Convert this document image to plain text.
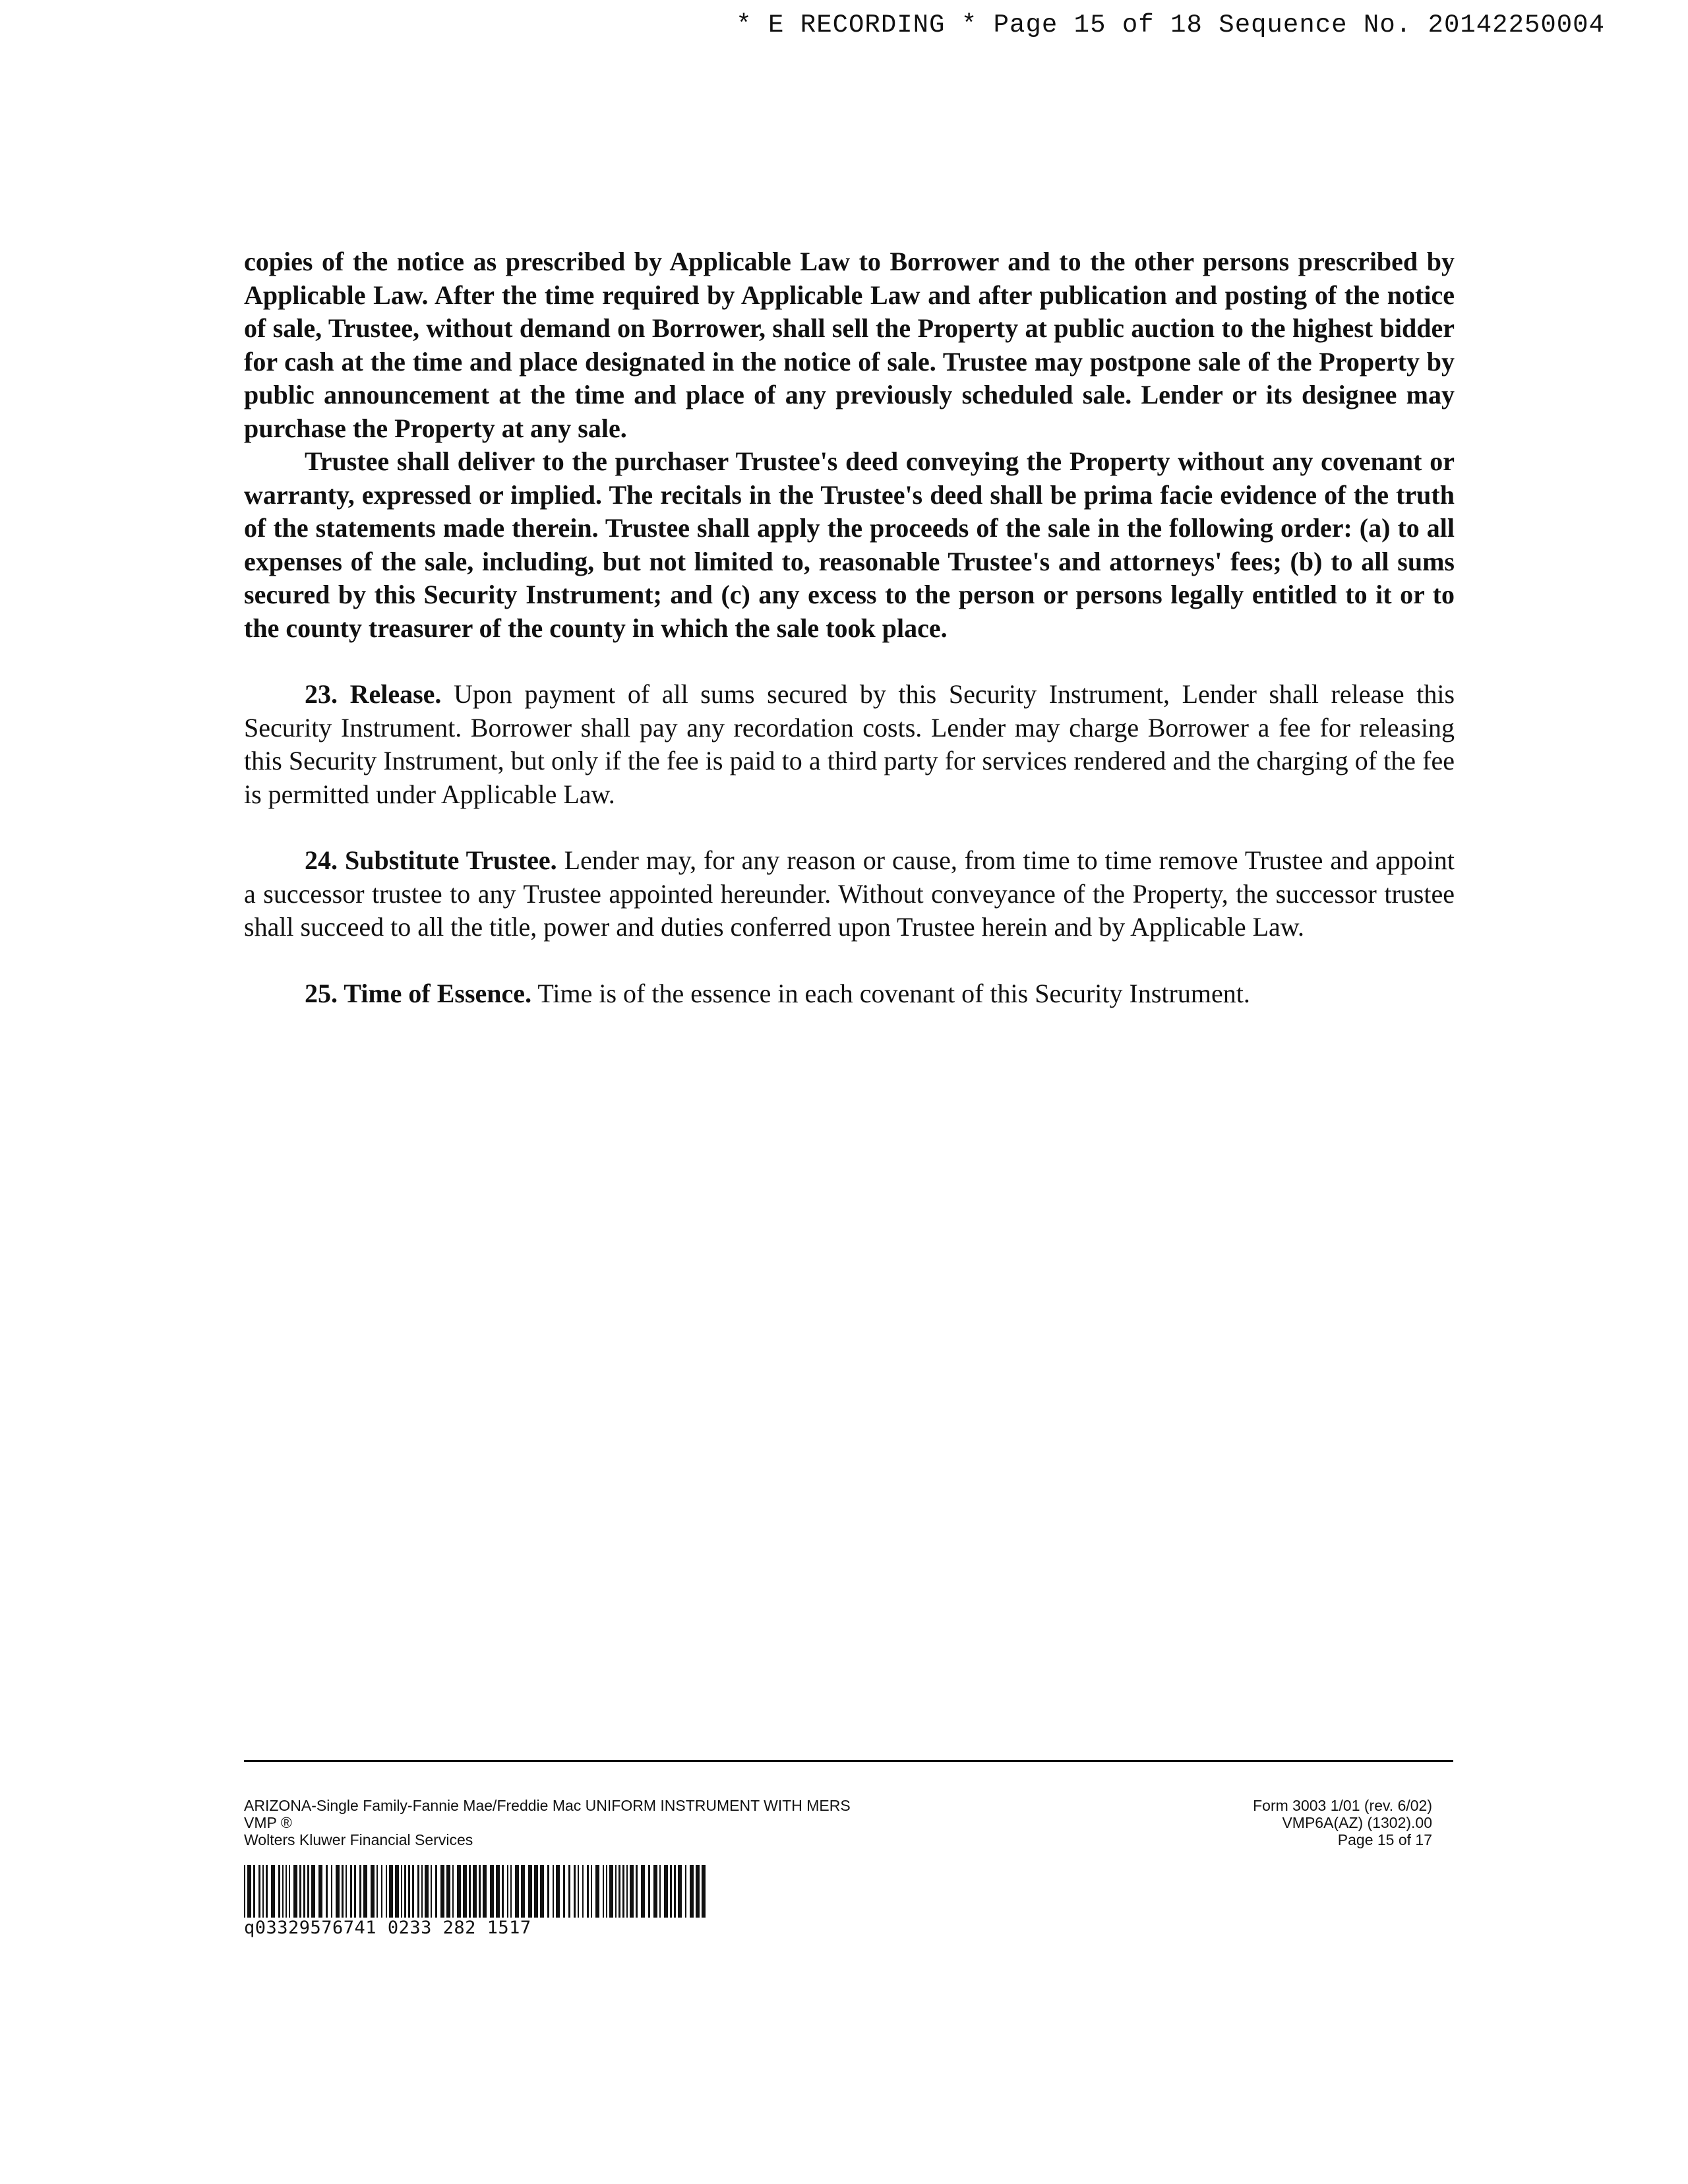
* E RECORDING * Page 15 of 18 Sequence No. 20142250004

copies of the notice as prescribed by Applicable Law to Borrower and to the other persons prescribed by Applicable Law. After the time required by Applicable Law and after publication and posting of the notice of sale, Trustee, without demand on Borrower, shall sell the Property at public auction to the highest bidder for cash at the time and place designated in the notice of sale. Trustee may postpone sale of the Property by public announcement at the time and place of any previously scheduled sale. Lender or its designee may purchase the Property at any sale.

Trustee shall deliver to the purchaser Trustee's deed conveying the Property without any covenant or warranty, expressed or implied. The recitals in the Trustee's deed shall be prima facie evidence of the truth of the statements made therein. Trustee shall apply the proceeds of the sale in the following order: (a) to all expenses of the sale, including, but not limited to, reasonable Trustee's and attorneys' fees; (b) to all sums secured by this Security Instrument; and (c) any excess to the person or persons legally entitled to it or to the county treasurer of the county in which the sale took place.

23. Release. Upon payment of all sums secured by this Security Instrument, Lender shall release this Security Instrument. Borrower shall pay any recordation costs. Lender may charge Borrower a fee for releasing this Security Instrument, but only if the fee is paid to a third party for services rendered and the charging of the fee is permitted under Applicable Law.

24. Substitute Trustee. Lender may, for any reason or cause, from time to time remove Trustee and appoint a successor trustee to any Trustee appointed hereunder. Without conveyance of the Property, the successor trustee shall succeed to all the title, power and duties conferred upon Trustee herein and by Applicable Law.

25. Time of Essence. Time is of the essence in each covenant of this Security Instrument.

ARIZONA-Single Family-Fannie Mae/Freddie Mac UNIFORM INSTRUMENT WITH MERS
VMP ®
Wolters Kluwer Financial Services
Form 3003 1/01 (rev. 6/02)
VMP6A(AZ) (1302).00
Page 15 of 17
q03329576741 0233 282 1517
